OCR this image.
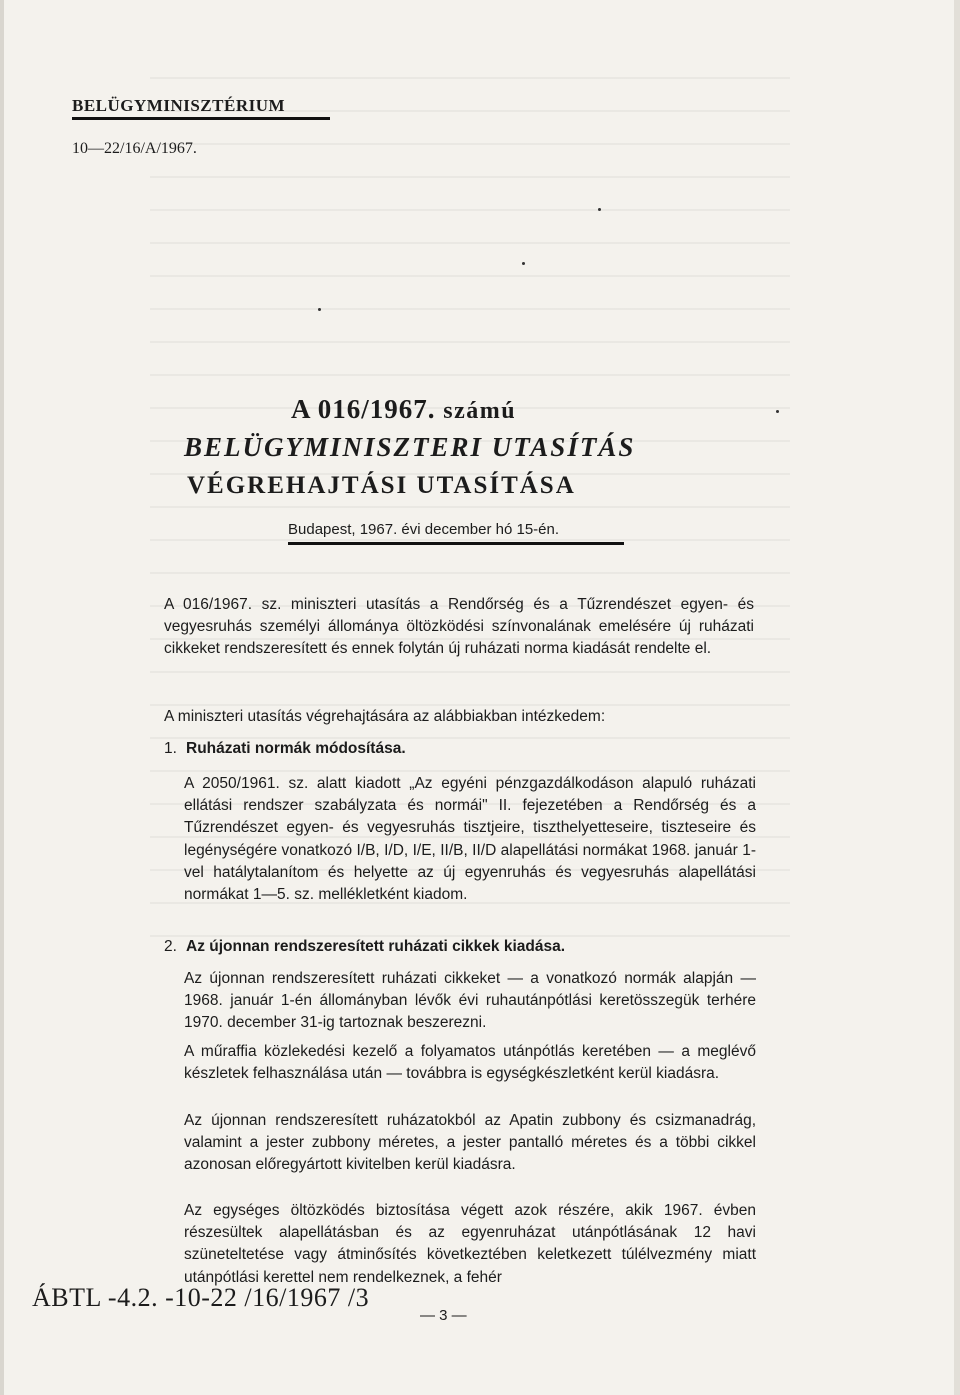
BELÜGYMINISZTÉRIUM
10—22/16/A/1967.
A 016/1967. számú
BELÜGYMINISZTERI UTASÍTÁS
VÉGREHAJTÁSI UTASÍTÁSA
Budapest, 1967. évi december hó 15-én.

A 016/1967. sz. miniszteri utasítás a Rendőrség és a Tűzrendészet egyen- és vegyesruhás személyi állománya öltözködési színvonalának emelésére új ruházati cikkeket rendszeresített és ennek folytán új ruházati norma kiadását rendelte el.

A miniszteri utasítás végrehajtására az alábbiakban intézkedem:

1. Ruházati normák módosítása.

A 2050/1961. sz. alatt kiadott „Az egyéni pénzgazdálkodáson alapuló ruházati ellátási rendszer szabályzata és normái" II. fejezetében a Rendőrség és a Tűzrendészet egyen- és vegyesruhás tisztjeire, tiszthelyetteseire, tiszteseire és legénységére vonatkozó I/B, I/D, I/E, II/B, II/D alapellátási normákat 1968. január 1-vel hatálytalanítom és helyette az új egyenruhás és vegyesruhás alapellátási normákat 1—5. sz. mellékletként kiadom.

2. Az újonnan rendszeresített ruházati cikkek kiadása.

Az újonnan rendszeresített ruházati cikkeket — a vonatkozó normák alapján — 1968. január 1-én állományban lévők évi ruhautánpótlási keretösszegük terhére 1970. december 31-ig tartoznak beszerezni.

A műraffia közlekedési kezelő a folyamatos utánpótlás keretében — a meglévő készletek felhasználása után — továbbra is egységkészletként kerül kiadásra.

Az újonnan rendszeresített ruházatokból az Apatin zubbony és csizmanadrág, valamint a jester zubbony méretes, a jester pantalló méretes és a többi cikkel azonosan előregyártott kivitelben kerül kiadásra.

Az egységes öltözködés biztosítása végett azok részére, akik 1967. évben részesültek alapellátásban és az egyenruházat utánpótlásának 12 havi szüneteltetése vagy átminősítés következtében keletkezett túlélvezmény miatt utánpótlási kerettel nem rendelkeznek, a fehér

ÁBTL -4.2. -10-22 /16/1967 /3
— 3 —
